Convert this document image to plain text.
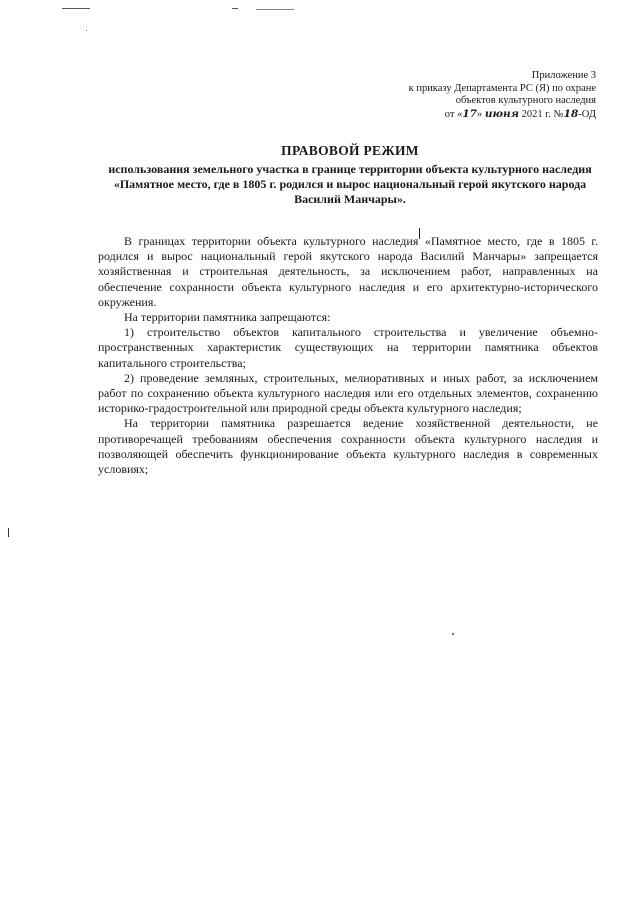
Приложение 3
к приказу Департамента РС (Я) по охране
объектов культурного наследия
от «17» июня 2021 г. №18-ОД
ПРАВОВОЙ РЕЖИМ
использования земельного участка в границе территории объекта культурного наследия
«Памятное место, где в 1805 г. родился и вырос национальный герой якутского народа Василий Манчары».

В границах территории объекта культурного наследия «Памятное место, где в 1805 г. родился и вырос национальный герой якутского народа Василий Манчары» запрещается хозяйственная и строительная деятельность, за исключением работ, направленных на обеспечение сохранности объекта культурного наследия и его архитектурно-исторического окружения.

На территории памятника запрещаются:

1) строительство объектов капитального строительства и увеличение объемно-пространственных характеристик существующих на территории памятника объектов капитального строительства;

2) проведение земляных, строительных, мелиоративных и иных работ, за исключением работ по сохранению объекта культурного наследия или его отдельных элементов, сохранению историко-градостроительной или природной среды объекта культурного наследия;

На территории памятника разрешается ведение хозяйственной деятельности, не противоречащей требованиям обеспечения сохранности объекта культурного наследия и позволяющей обеспечить функционирование объекта культурного наследия в современных условиях;
